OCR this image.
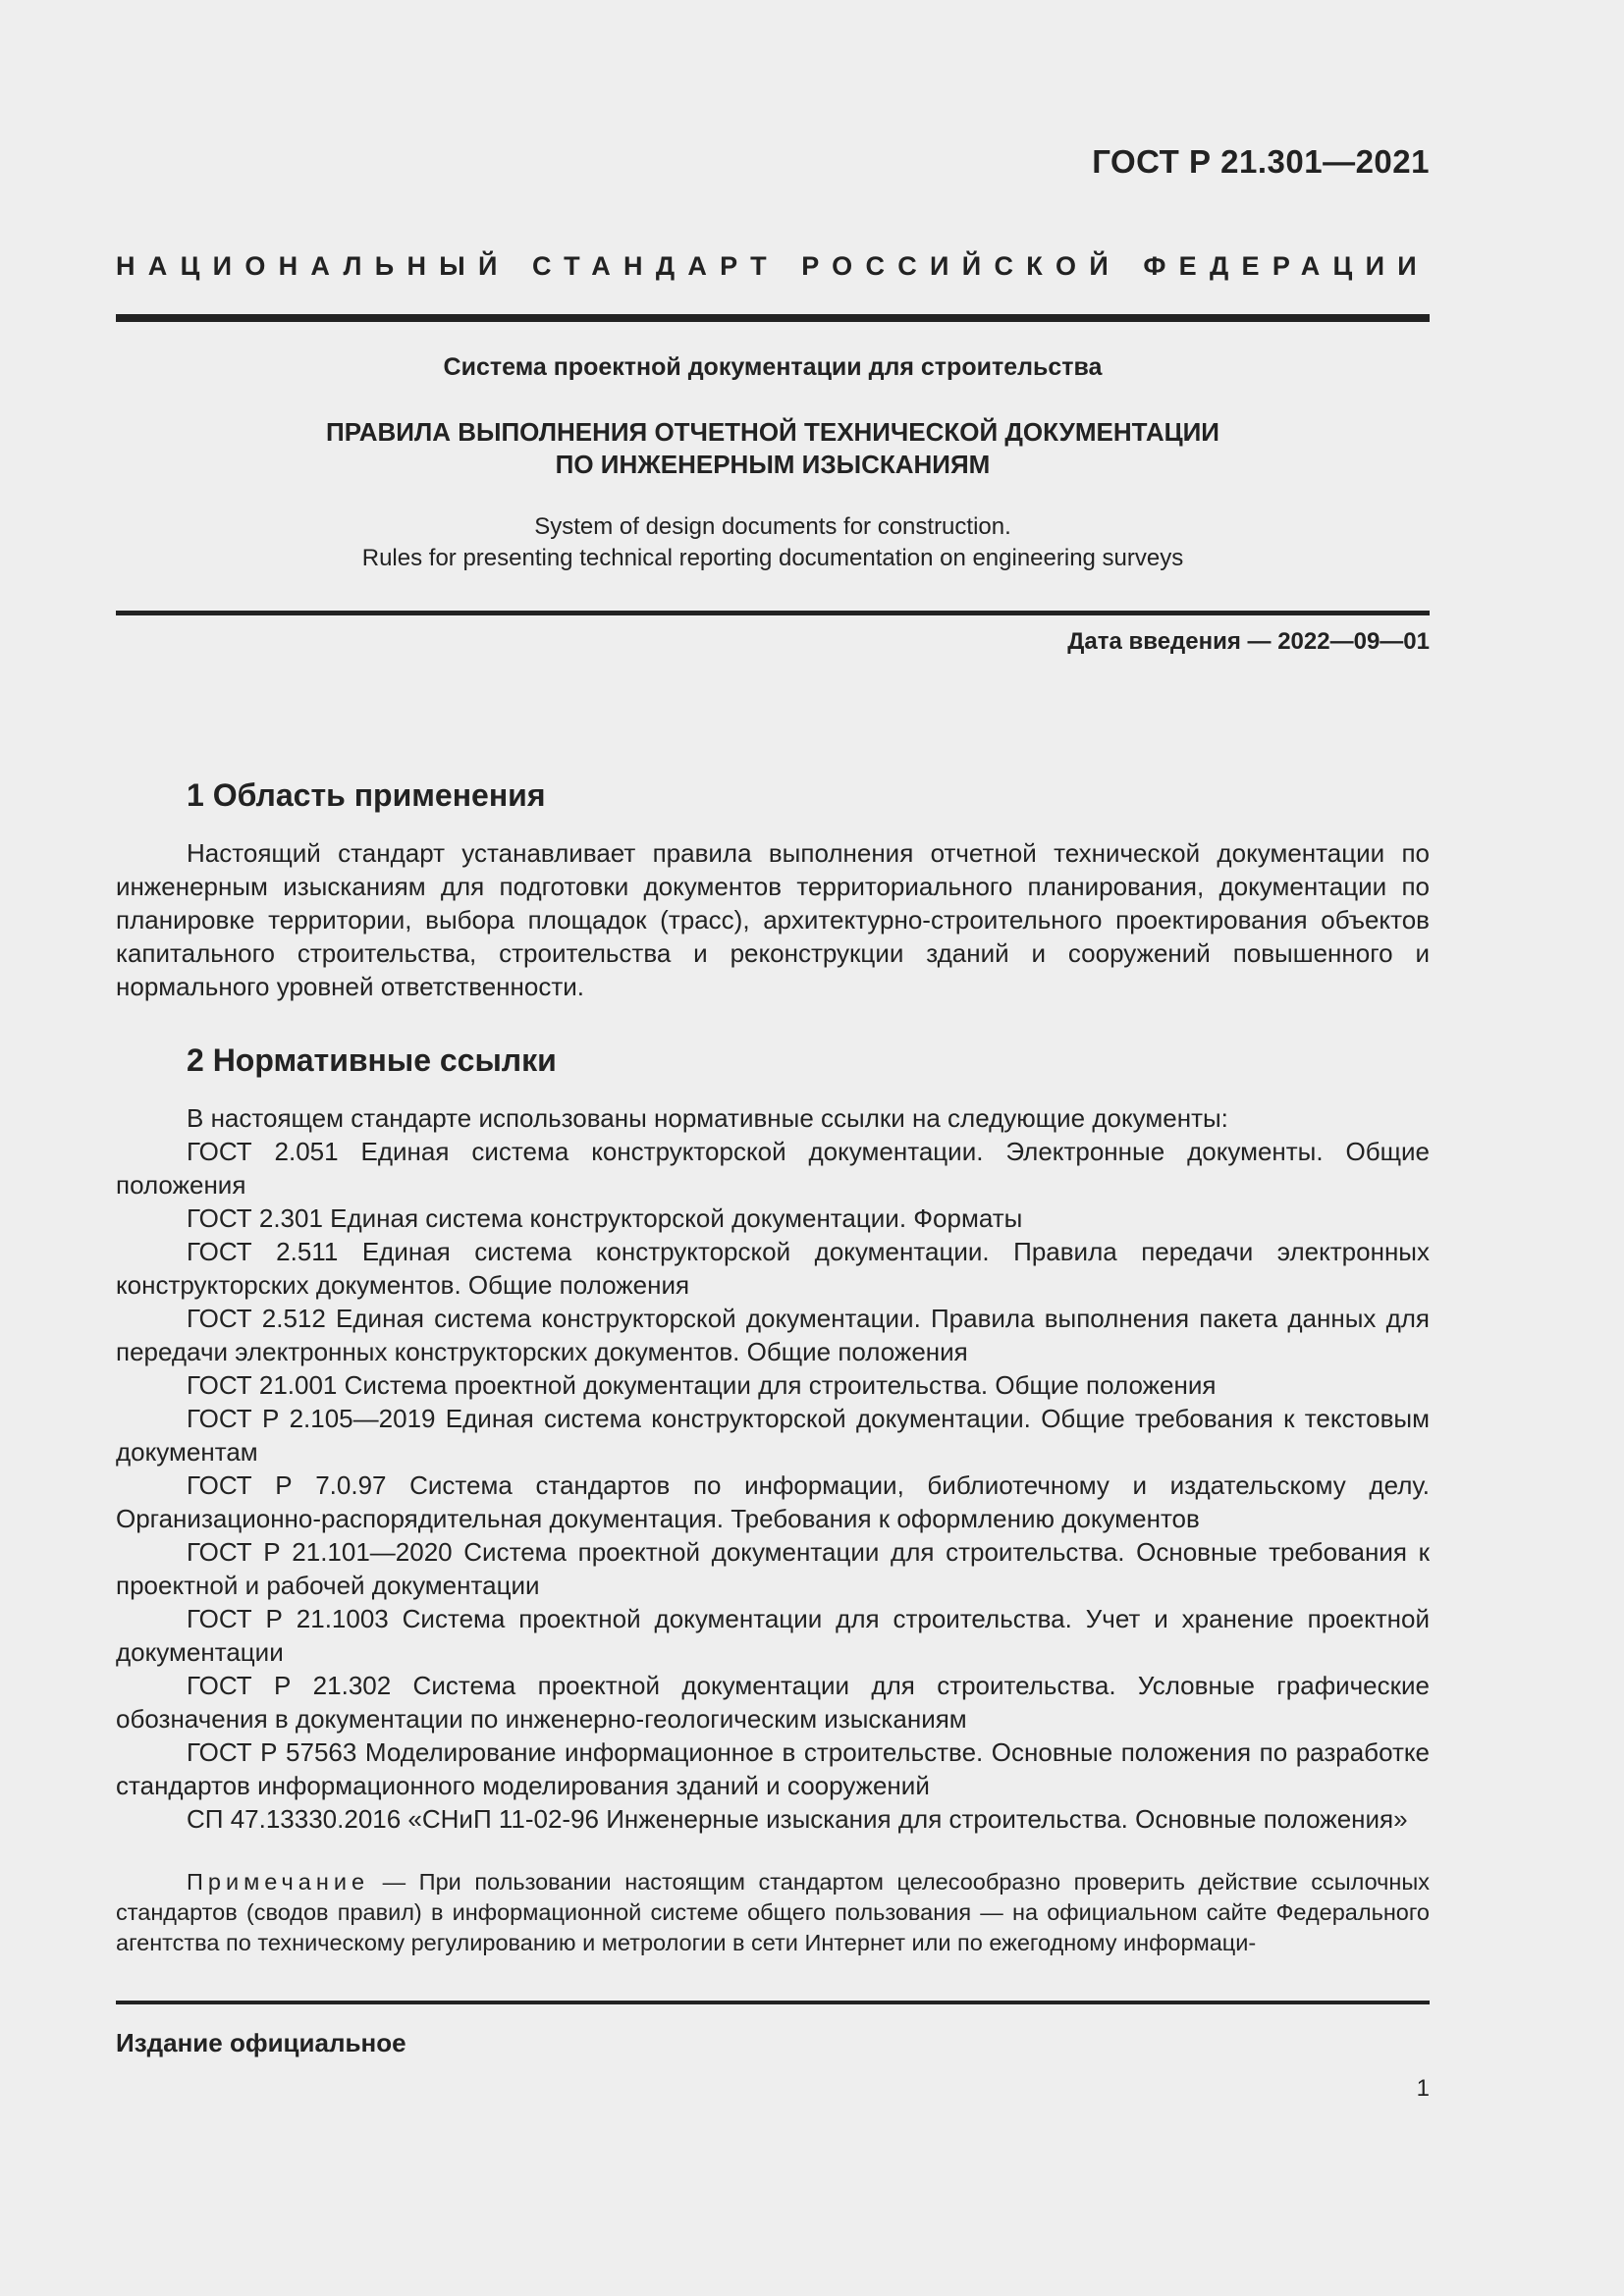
ГОСТ Р 21.301—2021
НАЦИОНАЛЬНЫЙ СТАНДАРТ РОССИЙСКОЙ ФЕДЕРАЦИИ
Система проектной документации для строительства
ПРАВИЛА ВЫПОЛНЕНИЯ ОТЧЕТНОЙ ТЕХНИЧЕСКОЙ ДОКУМЕНТАЦИИ
ПО ИНЖЕНЕРНЫМ ИЗЫСКАНИЯМ
System of design documents for construction.
Rules for presenting technical reporting documentation on engineering surveys
Дата введения — 2022—09—01
1 Область применения

Настоящий стандарт устанавливает правила выполнения отчетной технической документации по инженерным изысканиям для подготовки документов территориального планирования, документации по планировке территории, выбора площадок (трасс), архитектурно-строительного проектирования объектов капитального строительства, строительства и реконструкции зданий и сооружений повышенного и нормального уровней ответственности.

2 Нормативные ссылки

В настоящем стандарте использованы нормативные ссылки на следующие документы:

ГОСТ 2.051 Единая система конструкторской документации. Электронные документы. Общие положения

ГОСТ 2.301 Единая система конструкторской документации. Форматы

ГОСТ 2.511 Единая система конструкторской документации. Правила передачи электронных конструкторских документов. Общие положения

ГОСТ 2.512 Единая система конструкторской документации. Правила выполнения пакета данных для передачи электронных конструкторских документов. Общие положения

ГОСТ 21.001 Система проектной документации для строительства. Общие положения

ГОСТ Р 2.105—2019 Единая система конструкторской документации. Общие требования к текстовым документам

ГОСТ Р 7.0.97 Система стандартов по информации, библиотечному и издательскому делу. Организационно-распорядительная документация. Требования к оформлению документов

ГОСТ Р 21.101—2020 Система проектной документации для строительства. Основные требования к проектной и рабочей документации

ГОСТ Р 21.1003 Система проектной документации для строительства. Учет и хранение проектной документации

ГОСТ Р 21.302 Система проектной документации для строительства. Условные графические обозначения в документации по инженерно-геологическим изысканиям

ГОСТ Р 57563 Моделирование информационное в строительстве. Основные положения по разработке стандартов информационного моделирования зданий и сооружений

СП 47.13330.2016 «СНиП 11-02-96 Инженерные изыскания для строительства. Основные положения»

Примечание — При пользовании настоящим стандартом целесообразно проверить действие ссылочных стандартов (сводов правил) в информационной системе общего пользования — на официальном сайте Федерального агентства по техническому регулированию и метрологии в сети Интернет или по ежегодному информаци-

Издание официальное
1
